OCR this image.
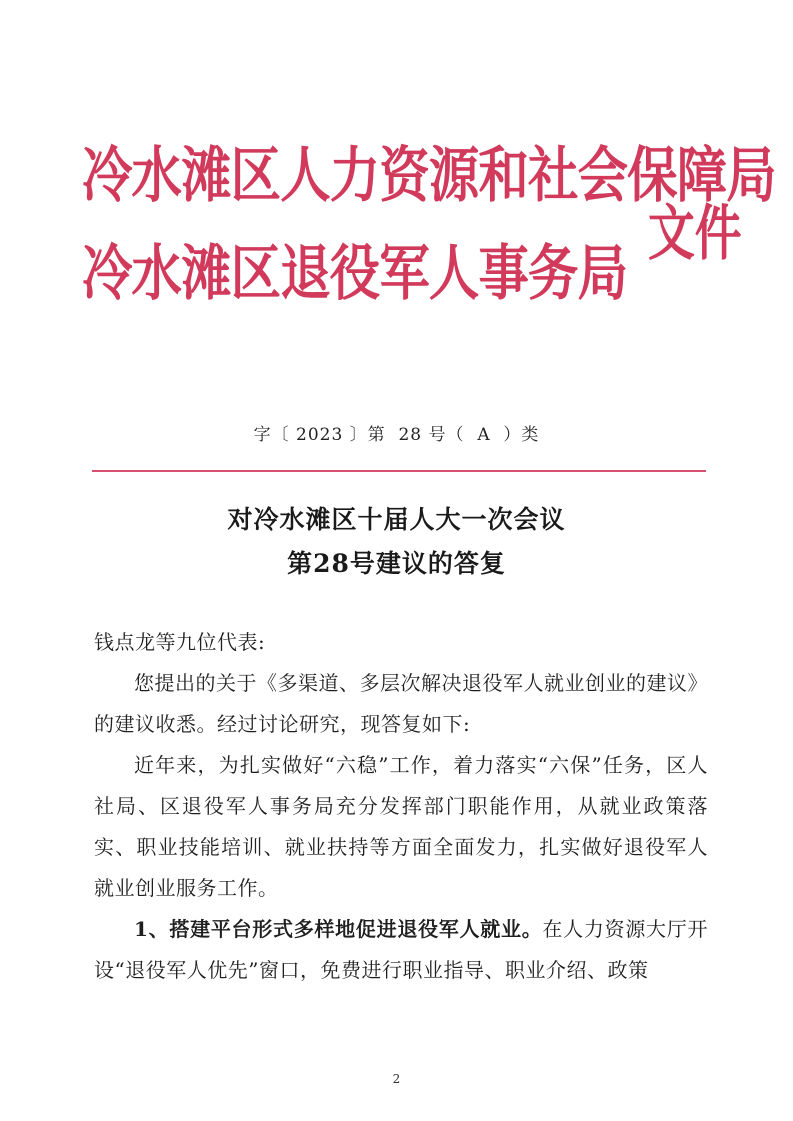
冷水滩区人力资源和社会保障局
冷水滩区退役军人事务局
文件
字〔 2023 〕第  28 号（  A  ）类
对冷水滩区十届人大一次会议
第28号建议的答复
钱点龙等九位代表:
您提出的关于《多渠道、多层次解决退役军人就业创业的建议》的建议收悉。经过讨论研究，现答复如下:
近年来，为扎实做好“六稳”工作，着力落实“六保”任务，区人社局、区退役军人事务局充分发挥部门职能作用，从就业政策落实、职业技能培训、就业扶持等方面全面发力，扎实做好退役军人就业创业服务工作。
1、搭建平台形式多样地促进退役军人就业。在人力资源大厅开设“退役军人优先”窗口，免费进行职业指导、职业介绍、政策
2
